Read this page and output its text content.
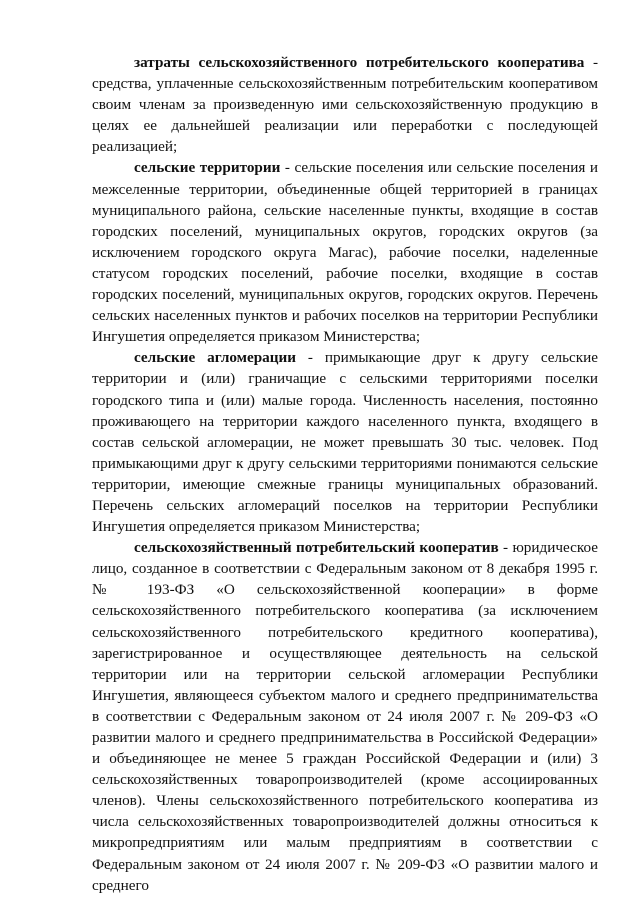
затраты сельскохозяйственного потребительского кооператива - средства, уплаченные сельскохозяйственным потребительским кооперативом своим членам за произведенную ими сельскохозяйственную продукцию в целях ее дальнейшей реализации или переработки с последующей реализацией;

сельские территории - сельские поселения или сельские поселения и межселенные территории, объединенные общей территорией в границах муниципального района, сельские населенные пункты, входящие в состав городских поселений, муниципальных округов, городских округов (за исключением городского округа Магас), рабочие поселки, наделенные статусом городских поселений, рабочие поселки, входящие в состав городских поселений, муниципальных округов, городских округов. Перечень сельских населенных пунктов и рабочих поселков на территории Республики Ингушетия определяется приказом Министерства;

сельские агломерации - примыкающие друг к другу сельские территории и (или) граничащие с сельскими территориями поселки городского типа и (или) малые города. Численность населения, постоянно проживающего на территории каждого населенного пункта, входящего в состав сельской агломерации, не может превышать 30 тыс. человек. Под примыкающими друг к другу сельскими территориями понимаются сельские территории, имеющие смежные границы муниципальных образований. Перечень сельских агломераций поселков на территории Республики Ингушетия определяется приказом Министерства;

сельскохозяйственный потребительский кооператив - юридическое лицо, созданное в соответствии с Федеральным законом от 8 декабря 1995 г. № 193-ФЗ «О сельскохозяйственной кооперации» в форме сельскохозяйственного потребительского кооператива (за исключением сельскохозяйственного потребительского кредитного кооператива), зарегистрированное и осуществляющее деятельность на сельской территории или на территории сельской агломерации Республики Ингушетия, являющееся субъектом малого и среднего предпринимательства в соответствии с Федеральным законом от 24 июля 2007 г. № 209-ФЗ «О развитии малого и среднего предпринимательства в Российской Федерации» и объединяющее не менее 5 граждан Российской Федерации и (или) 3 сельскохозяйственных товаропроизводителей (кроме ассоциированных членов). Члены сельскохозяйственного потребительского кооператива из числа сельскохозяйственных товаропроизводителей должны относиться к микропредприятиям или малым предприятиям в соответствии с Федеральным законом от 24 июля 2007 г. № 209-ФЗ «О развитии малого и среднего
